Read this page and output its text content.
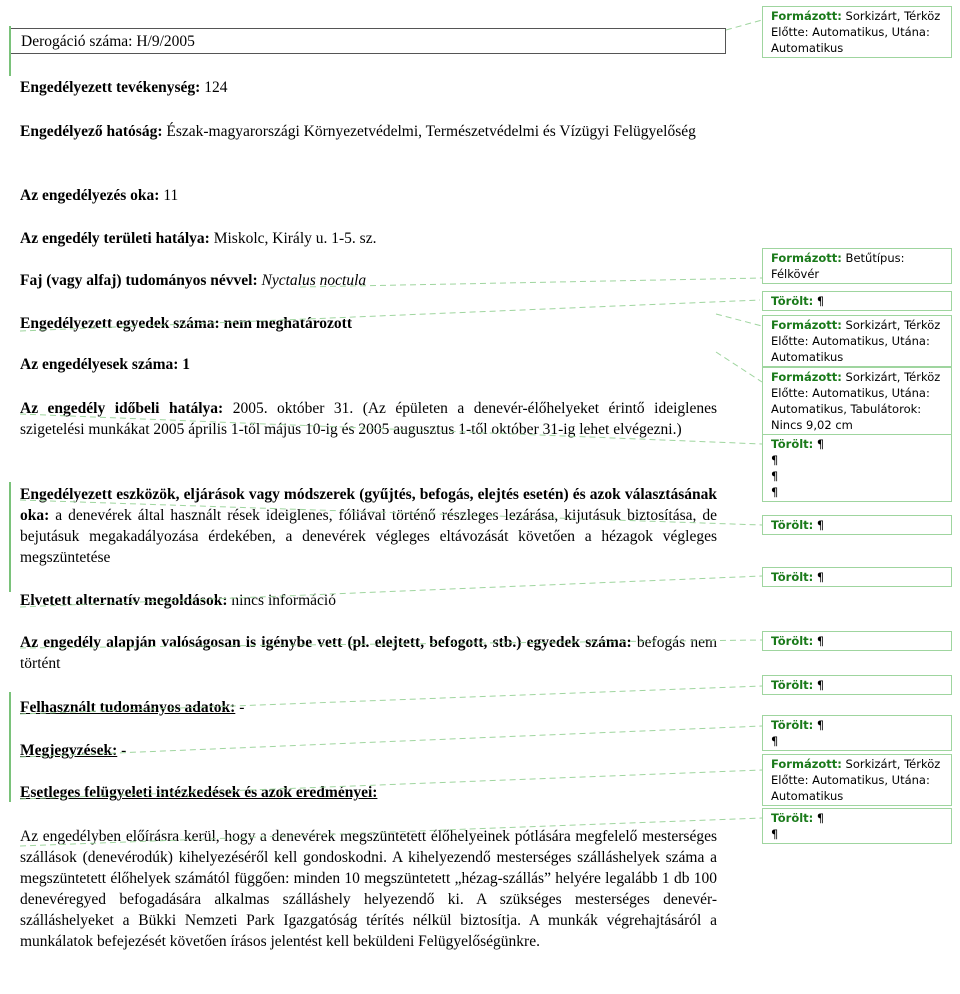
Derogáció száma: H/9/2005
Engedélyezett tevékenység: 124
Engedélyező hatóság: Észak-magyarországi Környezetvédelmi, Természetvédelmi és Vízügyi Felügyelőség
Az engedélyezés oka: 11
Az engedély területi hatálya: Miskolc, Király u. 1-5. sz.
Faj (vagy alfaj) tudományos névvel: Nyctalus noctula
Engedélyezett egyedek száma: nem meghatározott
Az engedélyesek száma: 1
Az engedély időbeli hatálya: 2005. október 31. (Az épületen a denevér-élőhelyeket érintő ideiglenes szigetelési munkákat 2005 április 1-től május 10-ig és 2005 augusztus 1-től október 31-ig lehet elvégezni.)
Engedélyezett eszközök, eljárások vagy módszerek (gyűjtés, befogás, elejtés esetén) és azok választásának oka: a denevérek által használt rések ideiglenes, fóliával történő részleges lezárása, kijutásuk biztosítása, de bejutásuk megakadályozása érdekében, a denevérek végleges eltávozását követően a hézagok végleges megszüntetése
Elvetett alternatív megoldások: nincs információ
Az engedély alapján valóságosan is igénybe vett (pl. elejtett, befogott, stb.) egyedek száma: befogás nem történt
Felhasznált tudományos adatok: -
Megjegyzések: -
Esetleges felügyeleti intézkedések és azok eredményei:
Az engedélyben előírásra kerül, hogy a denevérek megszüntetett élőhelyeinek pótlására megfelelő mesterséges szállások (denevérodúk) kihelyezéséről kell gondoskodni. A kihelyezendő mesterséges szálláshelyek száma a megszüntetett élőhelyek számától függően: minden 10 megszüntetett „hézag-szállás” helyére legalább 1 db 100 denevéregyed befogadására alkalmas szálláshely helyezendő ki. A szükséges mesterséges denevér-szálláshelyeket a Bükki Nemzeti Park Igazgatóság térítés nélkül biztosítja. A munkák végrehajtásáról a munkálatok befejezését követően írásos jelentést kell beküldeni Felügyelőségünkre.
Formázott: Sorkizárt, Térköz Előtte: Automatikus, Utána: Automatikus
Formázott: Betűtípus: Félkövér
Törölt: ¶
Formázott: Sorkizárt, Térköz Előtte: Automatikus, Utána: Automatikus
Formázott: Sorkizárt, Térköz Előtte: Automatikus, Utána: Automatikus, Tabulátorok: Nincs 9,02 cm
Törölt: ¶
¶
¶
¶
Törölt: ¶
Törölt: ¶
Törölt: ¶
Törölt: ¶
Törölt: ¶
¶
Formázott: Sorkizárt, Térköz Előtte: Automatikus, Utána: Automatikus
Törölt: ¶
¶
